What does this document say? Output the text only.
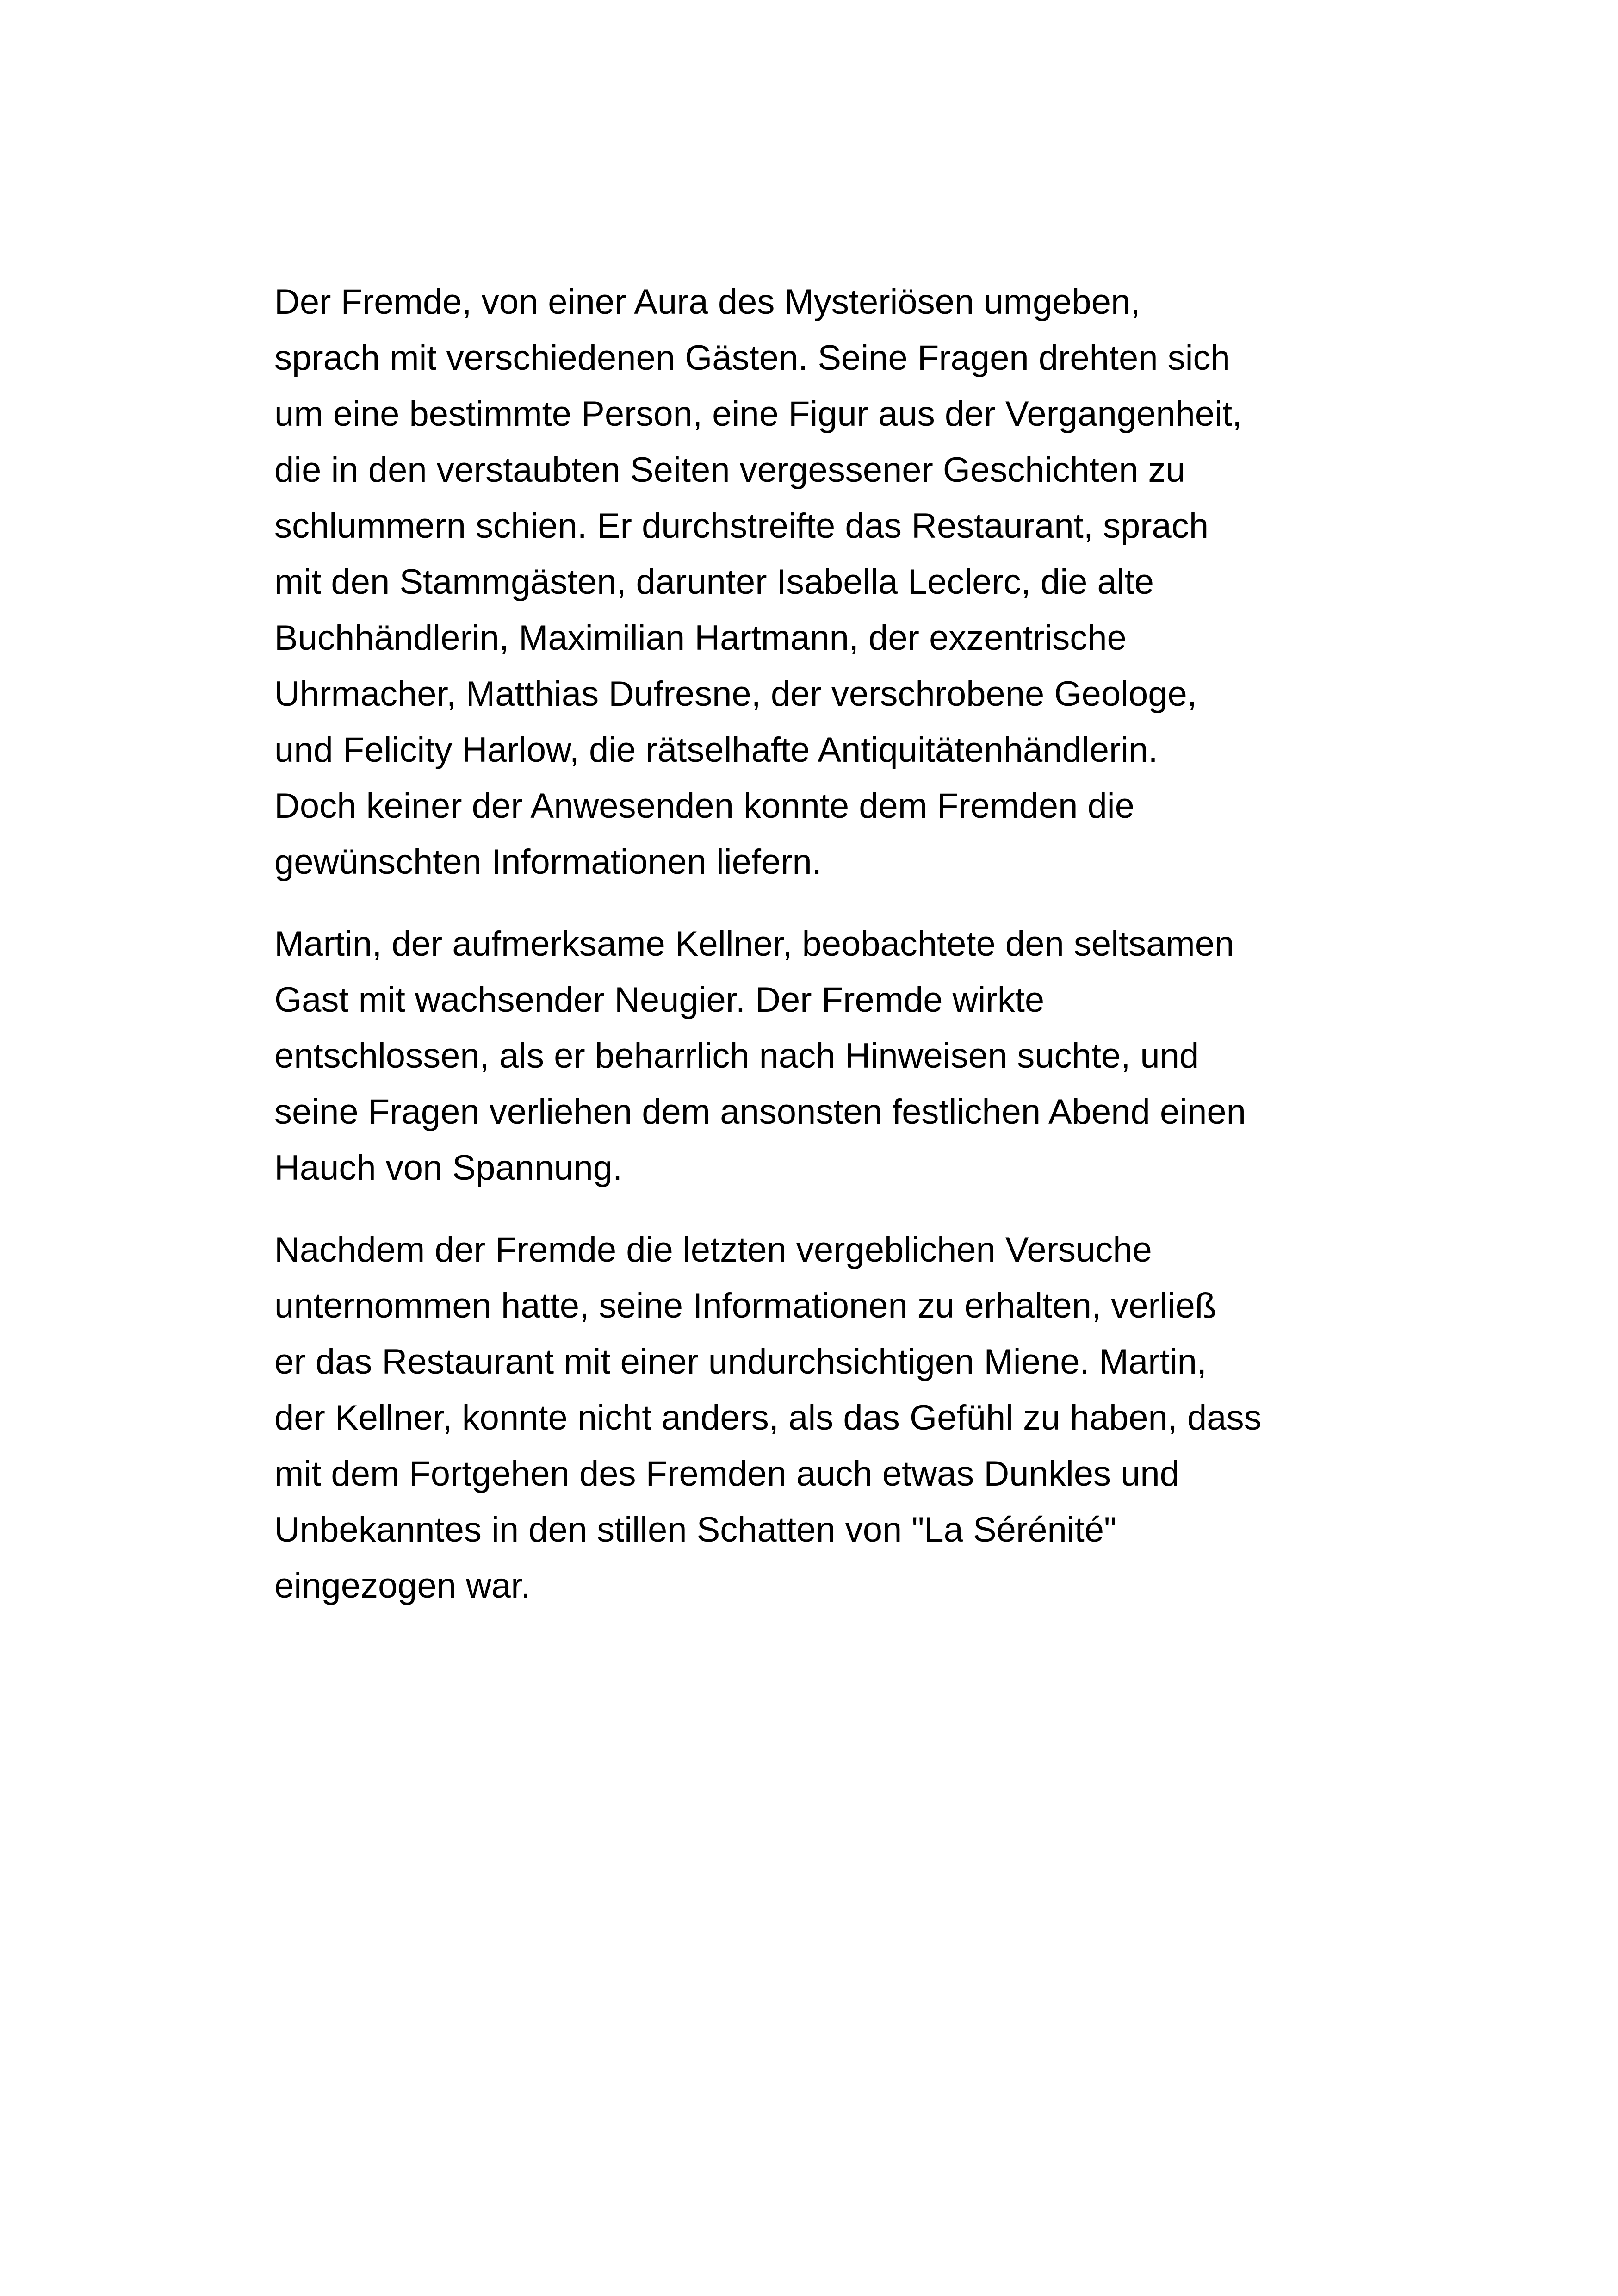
Der Fremde, von einer Aura des Mysteriösen umgeben,
sprach mit verschiedenen Gästen. Seine Fragen drehten sich
um eine bestimmte Person, eine Figur aus der Vergangenheit,
die in den verstaubten Seiten vergessener Geschichten zu
schlummern schien. Er durchstreifte das Restaurant, sprach
mit den Stammgästen, darunter Isabella Leclerc, die alte
Buchhändlerin, Maximilian Hartmann, der exzentrische
Uhrmacher, Matthias Dufresne, der verschrobene Geologe,
und Felicity Harlow, die rätselhafte Antiquitätenhändlerin.
Doch keiner der Anwesenden konnte dem Fremden die
gewünschten Informationen liefern.

Martin, der aufmerksame Kellner, beobachtete den seltsamen
Gast mit wachsender Neugier. Der Fremde wirkte
entschlossen, als er beharrlich nach Hinweisen suchte, und
seine Fragen verliehen dem ansonsten festlichen Abend einen
Hauch von Spannung.

Nachdem der Fremde die letzten vergeblichen Versuche
unternommen hatte, seine Informationen zu erhalten, verließ
er das Restaurant mit einer undurchsichtigen Miene. Martin,
der Kellner, konnte nicht anders, als das Gefühl zu haben, dass
mit dem Fortgehen des Fremden auch etwas Dunkles und
Unbekanntes in den stillen Schatten von "La Sérénité"
eingezogen war.
